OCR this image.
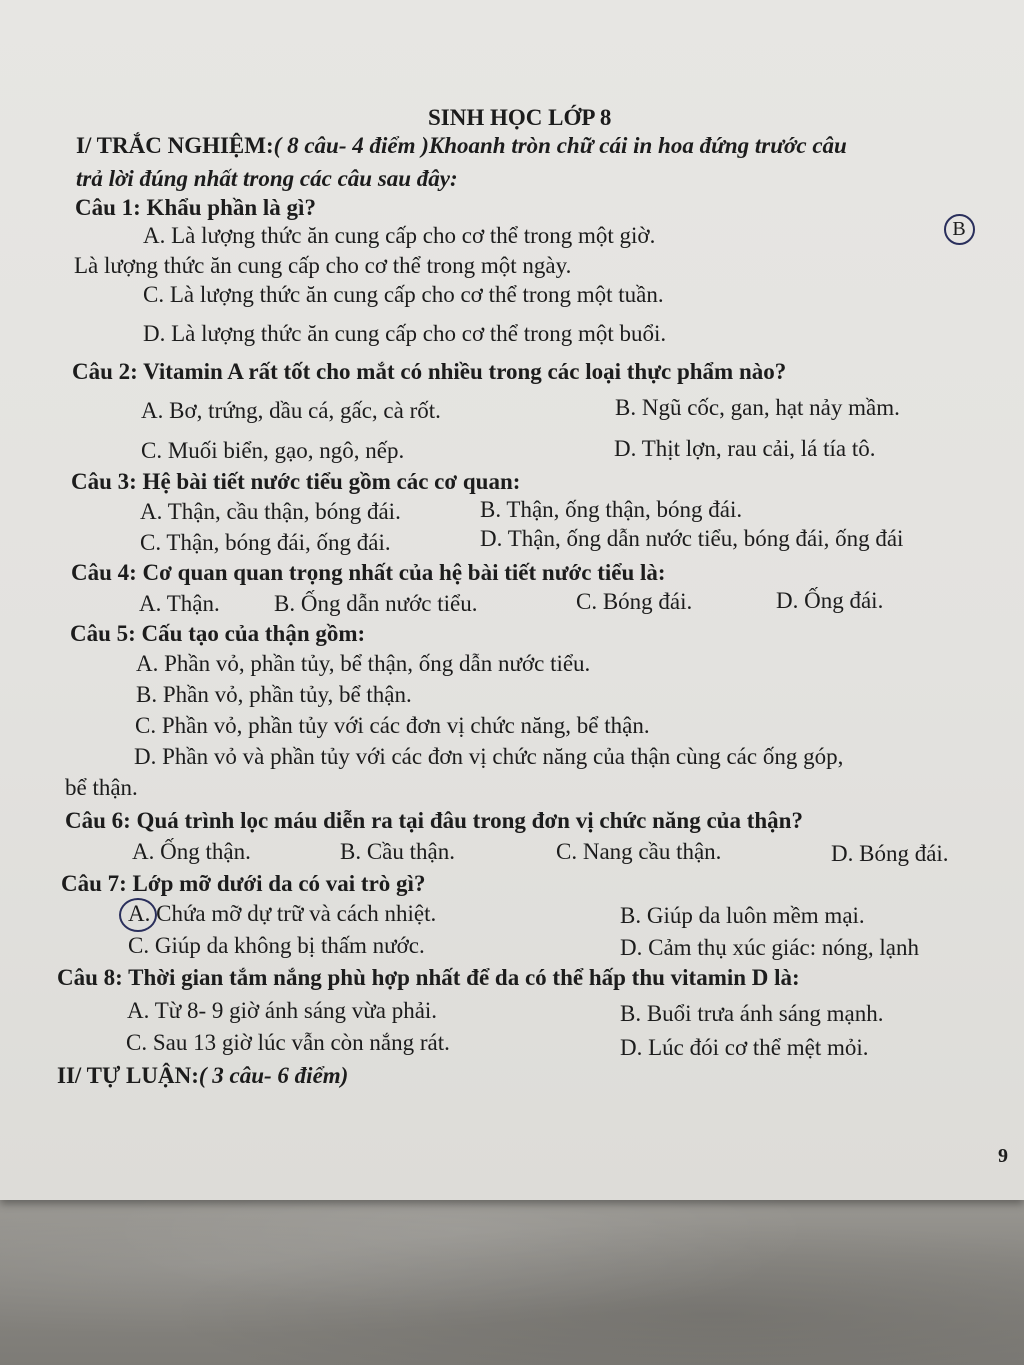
SINH HỌC LỚP 8
I/ TRẮC NGHIỆM:( 8 câu- 4 điểm )Khoanh tròn chữ cái in hoa đứng trước câu
trả lời đúng nhất trong các câu sau đây:
Câu 1: Khẩu phần là gì?
A. Là lượng thức ăn cung cấp cho cơ thể trong một giờ.
Là lượng thức ăn cung cấp cho cơ thể trong một ngày.
C. Là lượng thức ăn cung cấp cho cơ thể trong một tuần.
D. Là lượng thức ăn cung cấp cho cơ thể trong một buổi.
B
Câu 2: Vitamin A rất tốt cho mắt có nhiều trong các loại thực phẩm nào?
A. Bơ, trứng, dầu cá, gấc, cà rốt.	B. Ngũ cốc, gan, hạt nảy mầm.
C. Muối biển, gạo, ngô, nếp.	D. Thịt lợn, rau cải, lá tía tô.
Câu 3: Hệ bài tiết nước tiểu gồm các cơ quan:
A. Thận, cầu thận, bóng đái.	B. Thận, ống thận, bóng đái.
C. Thận, bóng đái, ống đái.	D. Thận, ống dẫn nước tiểu, bóng đái, ống đái
Câu 4: Cơ quan quan trọng nhất của hệ bài tiết nước tiểu là:
A. Thận. B. Ống dẫn nước tiểu.	C. Bóng đái.	D. Ống đái.
Câu 5: Cấu tạo của thận gồm:
A. Phần vỏ, phần tủy, bể thận, ống dẫn nước tiểu.
B. Phần vỏ, phần tủy, bể thận.
C. Phần vỏ, phần tủy với các đơn vị chức năng, bể thận.
D. Phần vỏ và phần tủy với các đơn vị chức năng của thận cùng các ống góp,
bể thận.
Câu 6: Quá trình lọc máu diễn ra tại đâu trong đơn vị chức năng của thận?
A. Ống thận.	B. Cầu thận.	C. Nang cầu thận.	D. Bóng đái.
Câu 7: Lớp mỡ dưới da có vai trò gì?
A. Chứa mỡ dự trữ và cách nhiệt.	B. Giúp da luôn mềm mại.
C. Giúp da không bị thấm nước.	D. Cảm thụ xúc giác: nóng, lạnh
Câu 8: Thời gian tắm nắng phù hợp nhất để da có thể hấp thu vitamin D là:
A. Từ 8- 9 giờ ánh sáng vừa phải.	B. Buổi trưa ánh sáng mạnh.
C. Sau 13 giờ lúc vẫn còn nắng rát.	D. Lúc đói cơ thể mệt mỏi.
II/ TỰ LUẬN:( 3 câu- 6 điểm)
9
